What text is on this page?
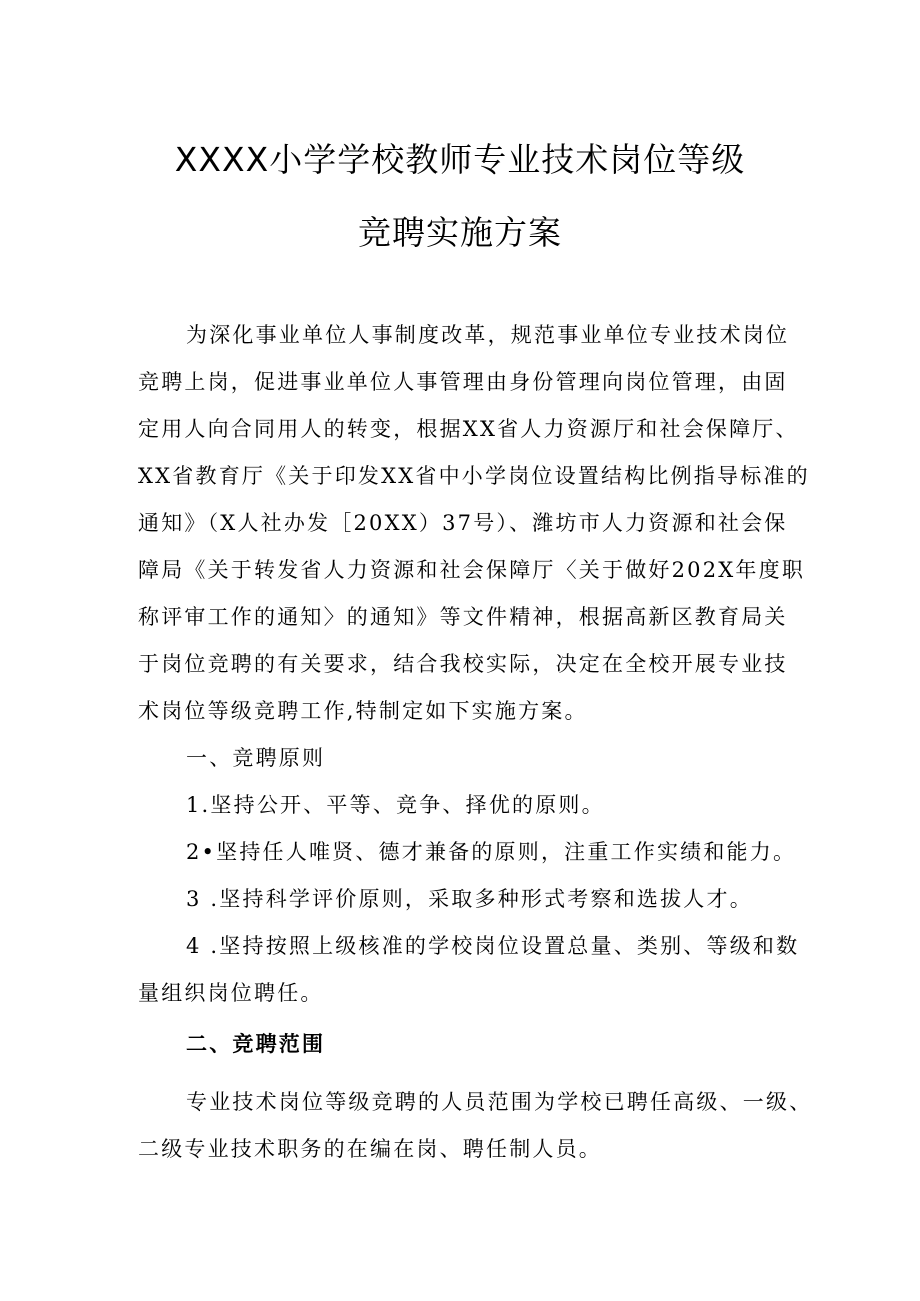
XXXX小学学校教师专业技术岗位等级
竞聘实施方案
为深化事业单位人事制度改革，规范事业单位专业技术岗位
竞聘上岗，促进事业单位人事管理由身份管理向岗位管理，由固
定用人向合同用人的转变，根据XX省人力资源厅和社会保障厅、
XX省教育厅《关于印发XX省中小学岗位设置结构比例指导标准的
通知》（X人社办发［20XX）37号）、潍坊市人力资源和社会保
障局《关于转发省人力资源和社会保障厅〈关于做好202X年度职
称评审工作的通知〉的通知》等文件精神，根据高新区教育局关
于岗位竞聘的有关要求，结合我校实际，决定在全校开展专业技
术岗位等级竞聘工作,特制定如下实施方案。
一、竞聘原则
1.坚持公开、平等、竞争、择优的原则。
2•坚持任人唯贤、德才兼备的原则，注重工作实绩和能力。
3 .坚持科学评价原则，采取多种形式考察和选拔人才。
4 .坚持按照上级核准的学校岗位设置总量、类别、等级和数
量组织岗位聘任。
二、竞聘范围
专业技术岗位等级竞聘的人员范围为学校已聘任高级、一级、
二级专业技术职务的在编在岗、聘任制人员。
